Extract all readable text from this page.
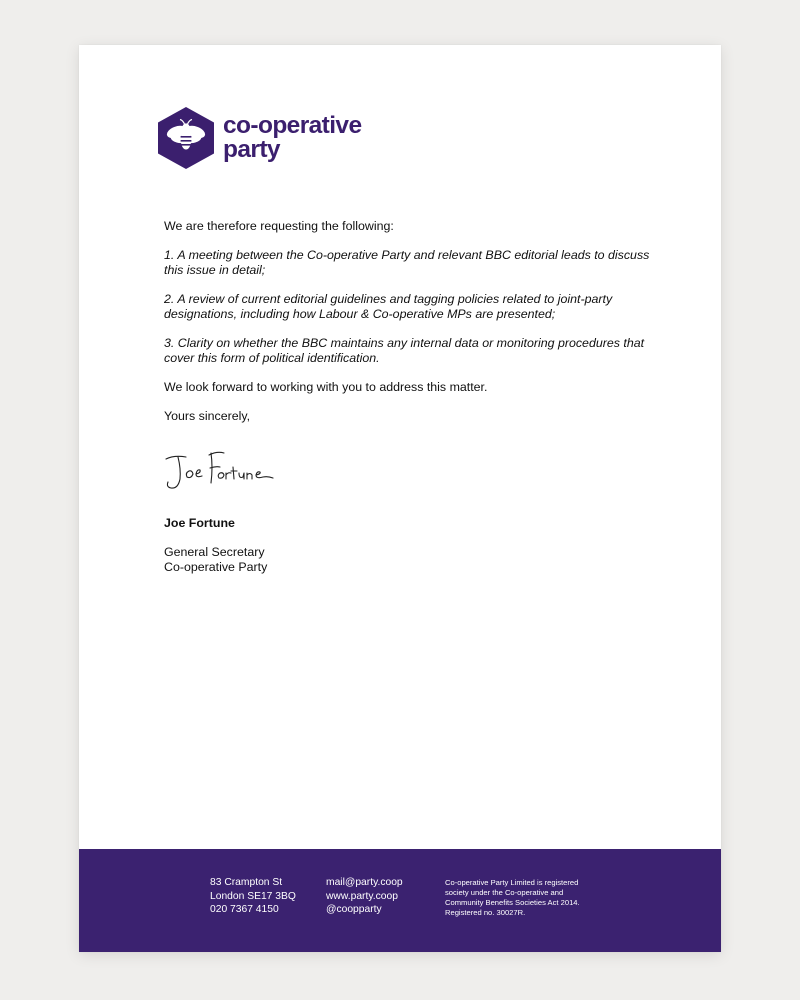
co-operative
party

We are therefore requesting the following:

1. A meeting between the Co-operative Party and relevant BBC editorial leads to discuss this issue in detail;

2. A review of current editorial guidelines and tagging policies related to joint-party designations, including how Labour & Co-operative MPs are presented;

3. Clarity on whether the BBC maintains any internal data or monitoring procedures that cover this form of political identification.

We look forward to working with you to address this matter.

Yours sincerely,

Joe Fortune
General Secretary
Co-operative Party
83 Crampton St
London SE17 3BQ
020 7367 4150
mail@party.coop
www.party.coop
@coopparty
Co-operative Party Limited is registered
society under the Co-operative and
Community Benefits Societies Act 2014.
Registered no. 30027R.
